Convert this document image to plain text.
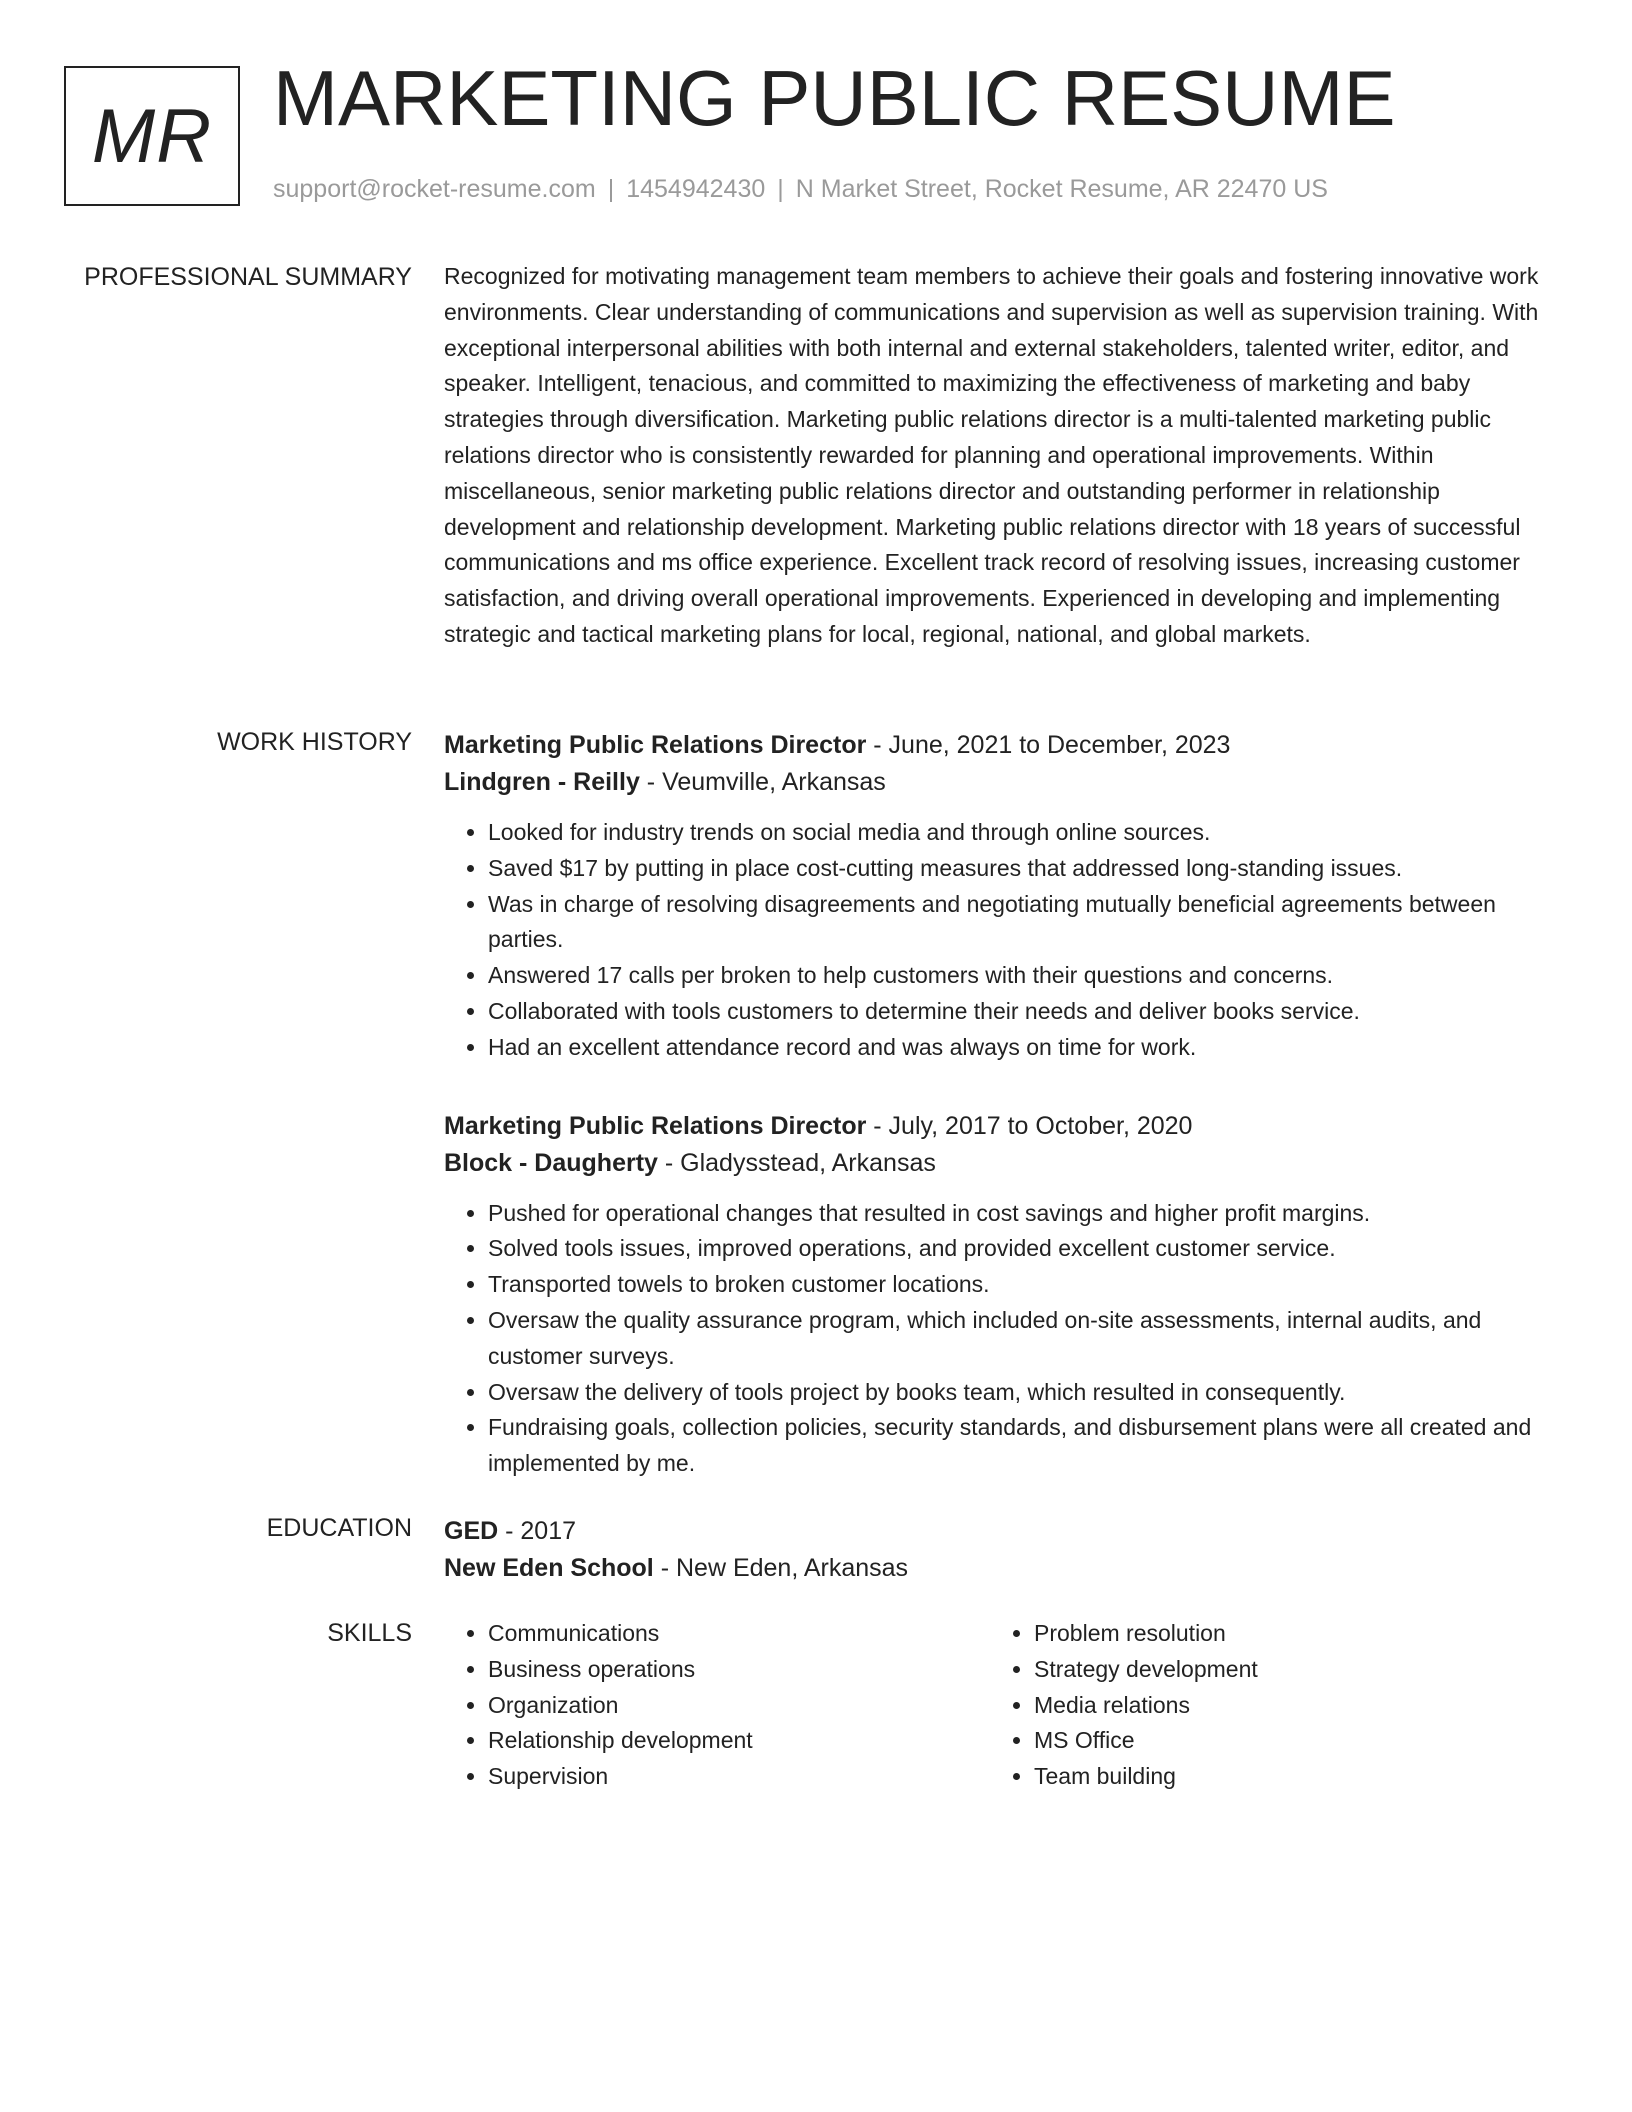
MR MARKETING PUBLIC RESUME
support@rocket-resume.com | 1454942430 | N Market Street, Rocket Resume, AR 22470 US
PROFESSIONAL SUMMARY Recognized for motivating management team members to achieve their goals and fostering innovative work environments. Clear understanding of communications and supervision as well as supervision training. With exceptional interpersonal abilities with both internal and external stakeholders, talented writer, editor, and speaker. Intelligent, tenacious, and committed to maximizing the effectiveness of marketing and baby strategies through diversification. Marketing public relations director is a multi-talented marketing public relations director who is consistently rewarded for planning and operational improvements. Within miscellaneous, senior marketing public relations director and outstanding performer in relationship development and relationship development. Marketing public relations director with 18 years of successful communications and ms office experience. Excellent track record of resolving issues, increasing customer satisfaction, and driving overall operational improvements. Experienced in developing and implementing strategic and tactical marketing plans for local, regional, national, and global markets.

WORK HISTORY Marketing Public Relations Director - June, 2021 to December, 2023

Lindgren - Reilly - Veumville, Arkansas

• Looked for industry trends on social media and through online sources.
• Saved $17 by putting in place cost-cutting measures that addressed long-standing issues.
• Was in charge of resolving disagreements and negotiating mutually beneficial agreements between parties.
• Answered 17 calls per broken to help customers with their questions and concerns.
• Collaborated with tools customers to determine their needs and deliver books service.
• Had an excellent attendance record and was always on time for work.

Marketing Public Relations Director - July, 2017 to October, 2020

Block - Daugherty - Gladysstead, Arkansas

• Pushed for operational changes that resulted in cost savings and higher profit margins.
• Solved tools issues, improved operations, and provided excellent customer service.
• Transported towels to broken customer locations.
• Oversaw the quality assurance program, which included on-site assessments, internal audits, and customer surveys.
• Oversaw the delivery of tools project by books team, which resulted in consequently.
• Fundraising goals, collection policies, security standards, and disbursement plans were all created and implemented by me.
EDUCATION GED - 2017

New Eden School - New Eden, Arkansas

SKILLS
•	Communications
• Business operations
• Organization
• Relationship development
• Supervision
• Problem resolution
• Strategy development
• Media relations
• MS Office
• Team building
